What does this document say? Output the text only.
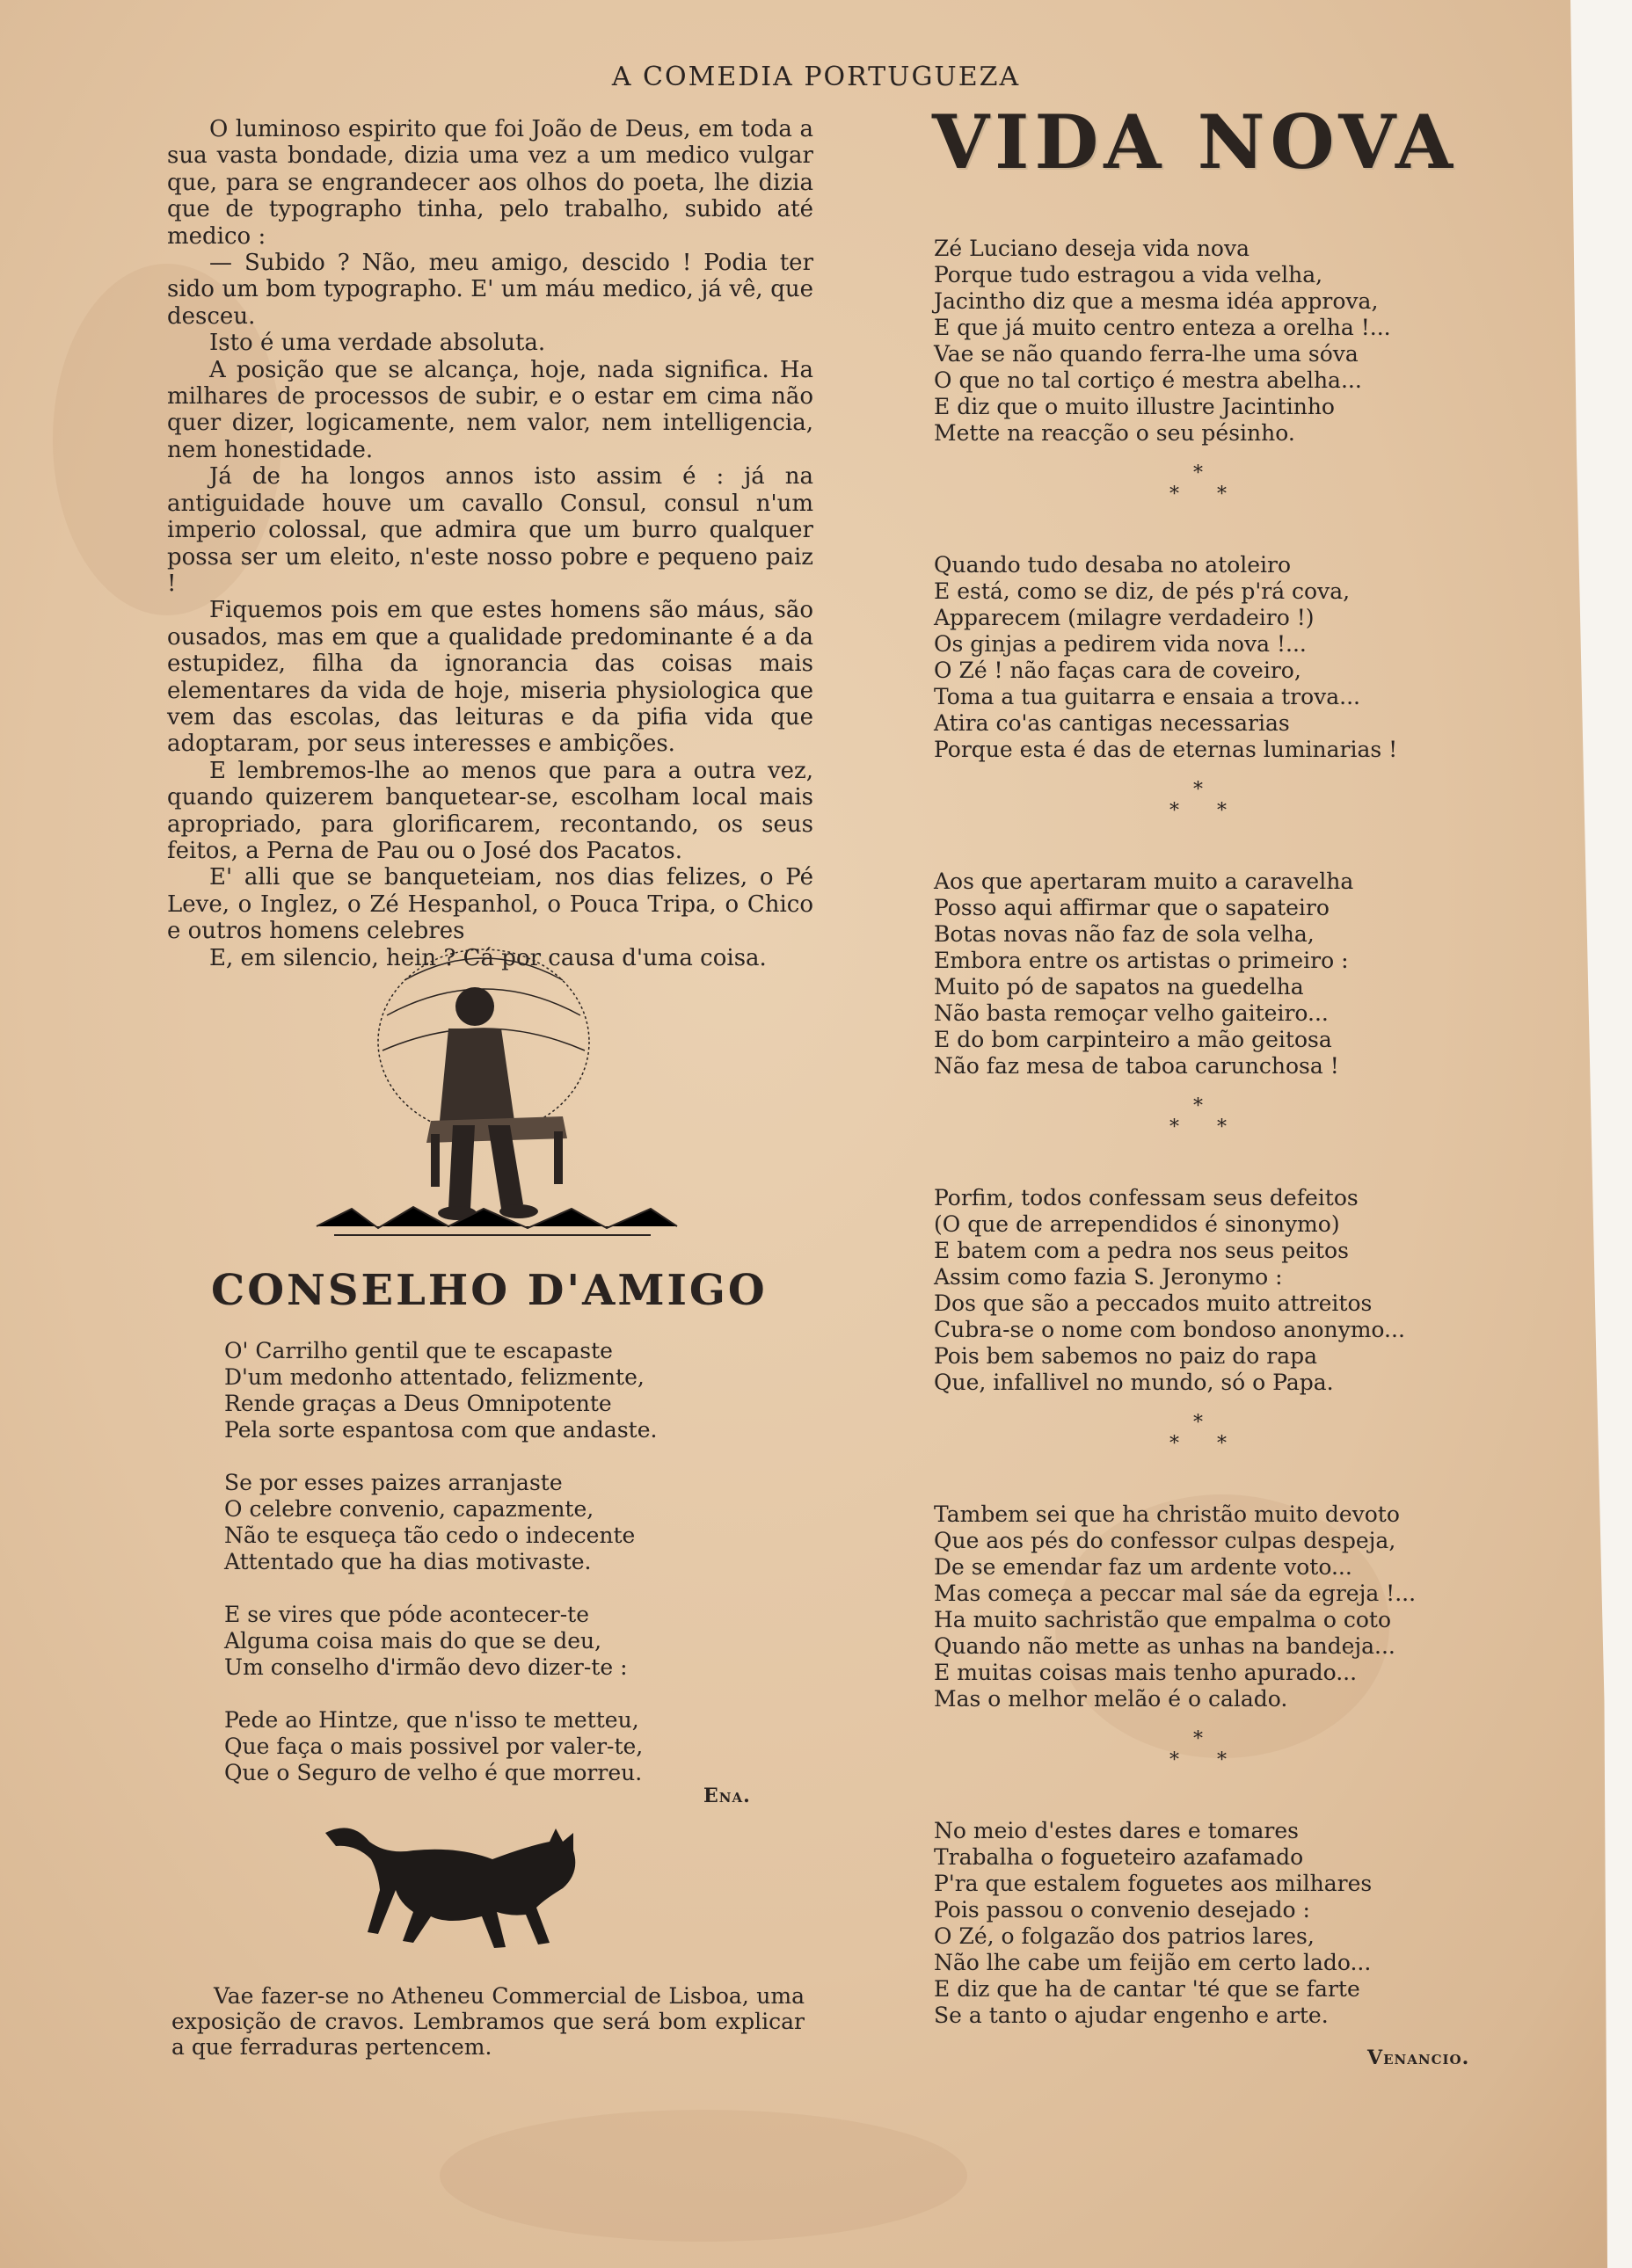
A COMEDIA PORTUGUEZA

O luminoso espirito que foi João de Deus, em toda a sua vasta bondade, dizia uma vez a um medico vulgar que, para se engrandecer aos olhos do poeta, lhe dizia que de typographo tinha, pelo trabalho, subido até medico :

— Subido ? Não, meu amigo, descido ! Podia ter sido um bom typographo. E' um máu medico, já vê, que desceu.

Isto é uma verdade absoluta.

A posição que se alcança, hoje, nada significa. Ha milhares de processos de subir, e o estar em cima não quer dizer, logicamente, nem valor, nem intelligencia, nem honestidade.

Já de ha longos annos isto assim é : já na antiguidade houve um cavallo Consul, consul n'um imperio colossal, que admira que um burro qualquer possa ser um eleito, n'este nosso pobre e pequeno paiz !

Fiquemos pois em que estes homens são máus, são ousados, mas em que a qualidade predominante é a da estupidez, filha da ignorancia das coisas mais elementares da vida de hoje, miseria physiologica que vem das escolas, das leituras e da pifia vida que adoptaram, por seus interesses e ambições.

E lembremos-lhe ao menos que para a outra vez, quando quizerem banquetear-se, escolham local mais apropriado, para glorificarem, recontando, os seus feitos, a Perna de Pau ou o José dos Pacatos.

E' alli que se banqueteiam, nos dias felizes, o Pé Leve, o Inglez, o Zé Hespanhol, o Pouca Tripa, o Chico e outros homens celebres

E, em silencio, hein ? Cá por causa d'uma coisa.

CONSELHO D'AMIGO
O' Carrilho gentil que te escapaste
D'um medonho attentado, felizmente,
Rende graças a Deus Omnipotente
Pela sorte espantosa com que andaste.
Se por esses paizes arranjaste
O celebre convenio, capazmente,
Não te esqueça tão cedo o indecente
Attentado que ha dias motivaste.
E se vires que póde acontecer-te
Alguma coisa mais do que se deu,
Um conselho d'irmão devo dizer-te :
Pede ao Hintze, que n'isso te metteu,
Que faça o mais possivel por valer-te,
Que o Seguro de velho é que morreu.
Ena.
Vae fazer-se no Atheneu Commercial de Lisboa, uma exposição de cravos. Lembramos que será bom explicar a que ferraduras pertencem.
VIDA NOVA
Zé Luciano deseja vida nova
Porque tudo estragou a vida velha,
Jacintho diz que a mesma idéa approva,
E que já muito centro enteza a orelha !...
Vae se não quando ferra-lhe uma sóva
O que no tal cortiço é mestra abelha...
E diz que o muito illustre Jacintinho
Mette na reacção o seu pésinho.
*
* *
Quando tudo desaba no atoleiro
E está, como se diz, de pés p'rá cova,
Apparecem (milagre verdadeiro !)
Os ginjas a pedirem vida nova !...
O Zé ! não faças cara de coveiro,
Toma a tua guitarra e ensaia a trova...
Atira co'as cantigas necessarias
Porque esta é das de eternas luminarias !
*
* *
Aos que apertaram muito a caravelha
Posso aqui affirmar que o sapateiro
Botas novas não faz de sola velha,
Embora entre os artistas o primeiro :
Muito pó de sapatos na guedelha
Não basta remoçar velho gaiteiro...
E do bom carpinteiro a mão geitosa
Não faz mesa de taboa carunchosa !
*
* *
Porfim, todos confessam seus defeitos
(O que de arrependidos é sinonymo)
E batem com a pedra nos seus peitos
Assim como fazia S. Jeronymo :
Dos que são a peccados muito attreitos
Cubra-se o nome com bondoso anonymo...
Pois bem sabemos no paiz do rapa
Que, infallivel no mundo, só o Papa.
*
* *
Tambem sei que ha christão muito devoto
Que aos pés do confessor culpas despeja,
De se emendar faz um ardente voto...
Mas começa a peccar mal sáe da egreja !...
Ha muito sachristão que empalma o coto
Quando não mette as unhas na bandeja...
E muitas coisas mais tenho apurado...
Mas o melhor melão é o calado.
*
* *
No meio d'estes dares e tomares
Trabalha o fogueteiro azafamado
P'ra que estalem foguetes aos milhares
Pois passou o convenio desejado :
O Zé, o folgazão dos patrios lares,
Não lhe cabe um feijão em certo lado...
E diz que ha de cantar 'té que se farte
Se a tanto o ajudar engenho e arte.
Venancio.
